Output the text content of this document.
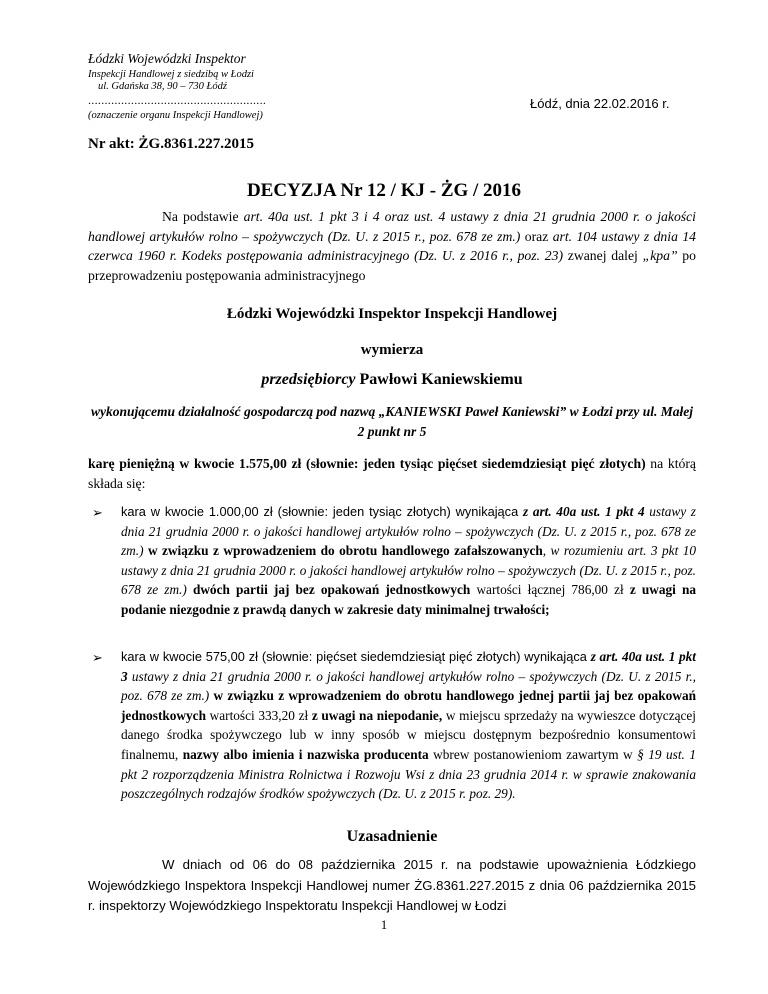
Łódzki Wojewódzki Inspektor
Inspekcji Handlowej z siedzibą w Łodzi
ul. Gdańska 38, 90 – 730 Łódź
......................................................
(oznaczenie organu Inspekcji Handlowej)
Łódź, dnia 22.02.2016 r.
Nr akt: ŻG.8361.227.2015
DECYZJA Nr 12 / KJ - ŻG / 2016
Na podstawie art. 40a ust. 1 pkt 3 i 4 oraz ust. 4 ustawy z dnia 21 grudnia 2000 r. o jakości handlowej artykułów rolno – spożywczych (Dz. U. z 2015 r., poz. 678 ze zm.) oraz art. 104 ustawy z dnia 14 czerwca 1960 r. Kodeks postępowania administracyjnego (Dz. U. z 2016 r., poz. 23) zwanej dalej „kpa” po przeprowadzeniu postępowania administracyjnego
Łódzki Wojewódzki Inspektor Inspekcji Handlowej
wymierza
przedsiębiorcy Pawłowi Kaniewskiemu
wykonującemu działalność gospodarczą pod nazwą „KANIEWSKI Paweł Kaniewski” w Łodzi przy ul. Małej 2 punkt nr 5
karę pieniężną w kwocie 1.575,00 zł (słownie: jeden tysiąc pięćset siedemdziesiąt pięć złotych) na którą składa się:
➢ kara w kwocie 1.000,00 zł (słownie: jeden tysiąc złotych) wynikająca z art. 40a ust. 1 pkt 4 ustawy z dnia 21 grudnia 2000 r. o jakości handlowej artykułów rolno – spożywczych (Dz. U. z 2015 r., poz. 678 ze zm.) w związku z wprowadzeniem do obrotu handlowego zafałszowanych, w rozumieniu art. 3 pkt 10 ustawy z dnia 21 grudnia 2000 r. o jakości handlowej artykułów rolno – spożywczych (Dz. U. z 2015 r., poz. 678 ze zm.) dwóch partii jaj bez opakowań jednostkowych wartości łącznej 786,00 zł z uwagi na podanie niezgodnie z prawdą danych w zakresie daty minimalnej trwałości;
➢ kara w kwocie 575,00 zł (słownie: pięćset siedemdziesiąt pięć złotych) wynikająca z art. 40a ust. 1 pkt 3 ustawy z dnia 21 grudnia 2000 r. o jakości handlowej artykułów rolno – spożywczych (Dz. U. z 2015 r., poz. 678 ze zm.) w związku z wprowadzeniem do obrotu handlowego jednej partii jaj bez opakowań jednostkowych wartości 333,20 zł z uwagi na niepodanie, w miejscu sprzedaży na wywieszce dotyczącej danego środka spożywczego lub w inny sposób w miejscu dostępnym bezpośrednio konsumentowi finalnemu, nazwy albo imienia i nazwiska producenta wbrew postanowieniom zawartym w § 19 ust. 1 pkt 2 rozporządzenia Ministra Rolnictwa i Rozwoju Wsi z dnia 23 grudnia 2014 r. w sprawie znakowania poszczególnych rodzajów środków spożywczych (Dz. U. z 2015 r. poz. 29).
Uzasadnienie
W dniach od 06 do 08 października 2015 r. na podstawie upoważnienia Łódzkiego Wojewódzkiego Inspektora Inspekcji Handlowej numer ŻG.8361.227.2015 z dnia 06 października 2015 r. inspektorzy Wojewódzkiego Inspektoratu Inspekcji Handlowej w Łodzi
1
